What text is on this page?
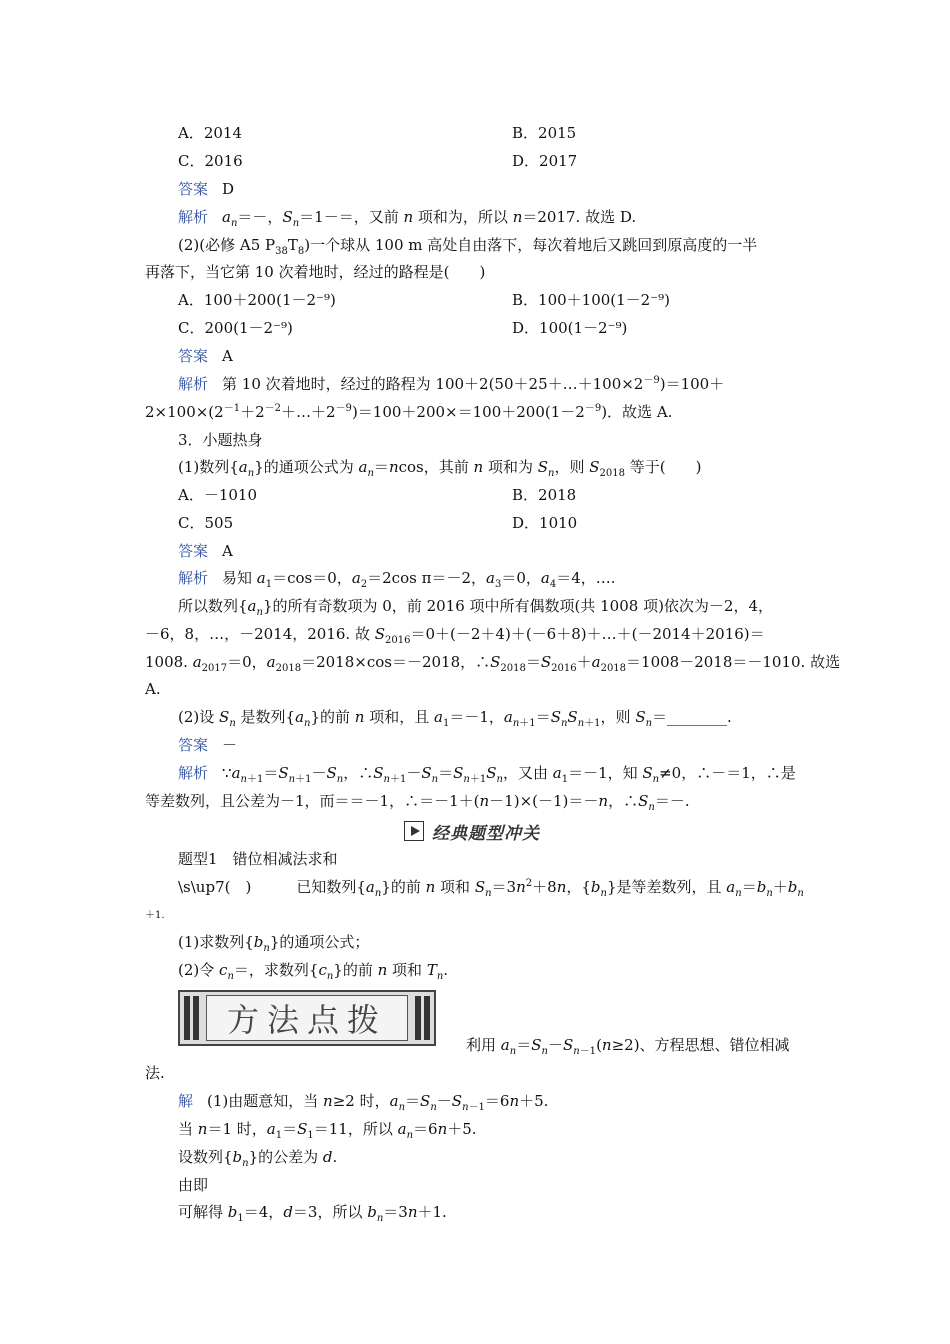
A．2014	B．2015
C．2016	D．2017
答案 D
解析 $a_n=-$，$S_n=1-=$，又前 n 项和为，所以 n＝2017. 故选 D.
(2)(必修 A5 $P_{38}T_8$)一个球从 100 m 高处自由落下，每次着地后又跳回到原高度的一半
再落下，当它第 10 次着地时，经过的路程是(　　)
A．100＋200(1－2⁻⁹)	B．100＋100(1－2⁻⁹)
C．200(1－2⁻⁹)	D．100(1－2⁻⁹)
答案 A
解析 第 10 次着地时，经过的路程为 $100+2(50+25+\dots+100\times 2^{-9})=100+$
$2\times 100\times(2^{-1}+2^{-2}+\dots+2^{-9})=100+200\times=100+200(1-2^{-9})$．故选 A.
3．小题热身
(1)数列$\{a_n\}$的通项公式为 $a_n=ncos$，其前 n 项和为 $S_n$，则 $S_{2018}$ 等于(　　)
A．－1010	B．2018
C．505	D．1010
答案 A
解析 易知 $a_1=\cos=0$，$a_2=2\cos$ π＝－2，$a_3=0$，$a_4=4$，….
所以数列$\{a_n\}$的所有奇数项为 0，前 2016 项中所有偶数项(共 1008 项)依次为－2，4，
－6，8，…，－2014，2016. 故 $S_{2016}=0+(-2+4)+(-6+8)+\dots+(-2014+2016)=$
1008. $a_{2017}=0$，$a_{2018}=2018\times\cos=-2018$，$\therefore S_{2018}=S_{2016}+a_{2018}=1008-2018=-1010$. 故选
A.
(2)设 $S_n$ 是数列$\{a_n\}$的前 n 项和，且 $a_1=-1$，$a_{n+1}=S_nS_{n+1}$，则 $S_n=\_\_\_\_\_\_\_\_$.
答案 －
解析 $\because a_{n+1}=S_{n+1}-S_n$，$\therefore S_{n+1}-S_n=S_{n+1}S_n$，又由 $a_1=-1$，知 $S_n\ne 0$，∴－＝1，∴是
等差数列，且公差为－1，而＝＝－1，∴＝－1＋(n－1)×(－1)＝－n，$\therefore S_n=-$.
经典题型冲关
题型1　错位相减法求和
\s\up7(　)　　　已知数列$\{a_n\}$的前 n 项和 $S_n=3n^2+8n$，$\{b_n\}$是等差数列，且 $a_n=b_n+b_n$
＋1.
(1)求数列$\{b_n\}$的通项公式；
(2)令 $c_n=$，求数列$\{c_n\}$的前 n 项和 $T_n$.
方法点拨
利用 $a_n=S_n-S_{n-1}(n\ge 2)$、方程思想、错位相减
法.
解 (1)由题意知，当 n≥2 时，$a_n=S_n-S_{n-1}=6n+5$.
当 n＝1 时，$a_1=S_1=11$，所以 $a_n=6n+5$.
设数列$\{b_n\}$的公差为 d.
由即
可解得 $b_1=4$，d＝3，所以 $b_n=3n+1$.
